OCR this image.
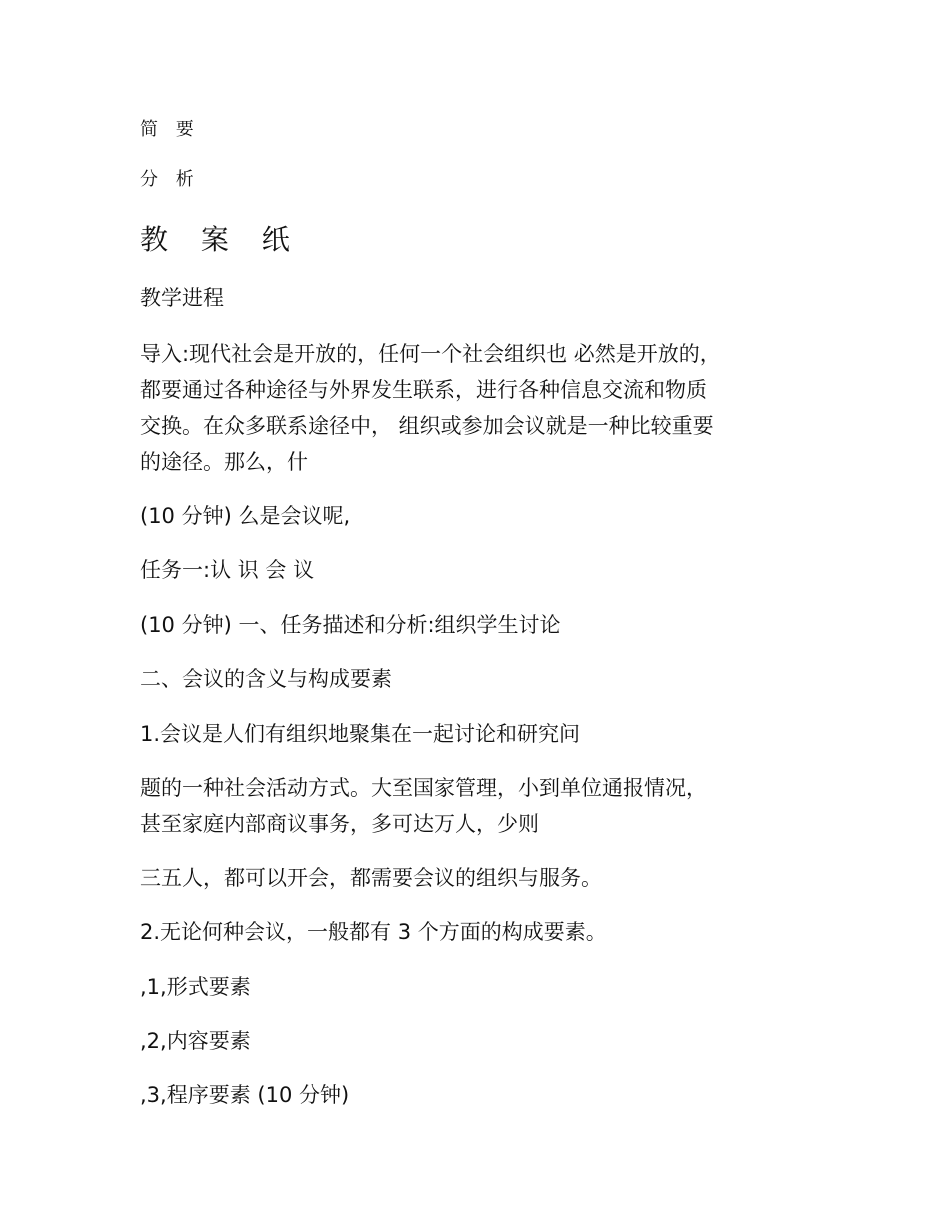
简 要

分 析

教 案 纸

教学进程

导入:现代社会是开放的，任何一个社会组织也 必然是开放的，
都要通过各种途径与外界发生联系，进行各种信息交流和物质
交换。在众多联系途径中， 组织或参加会议就是一种比较重要
的途径。那么，什

(10 分钟) 么是会议呢,

任务一:认 识 会 议

(10 分钟) 一、任务描述和分析:组织学生讨论

二、会议的含义与构成要素

1.会议是人们有组织地聚集在一起讨论和研究问

题的一种社会活动方式。大至国家管理，小到单位通报情况，
甚至家庭内部商议事务，多可达万人，少则

三五人，都可以开会，都需要会议的组织与服务。

2.无论何种会议，一般都有 3 个方面的构成要素。

,1,形式要素

,2,内容要素

,3,程序要素 (10 分钟)
